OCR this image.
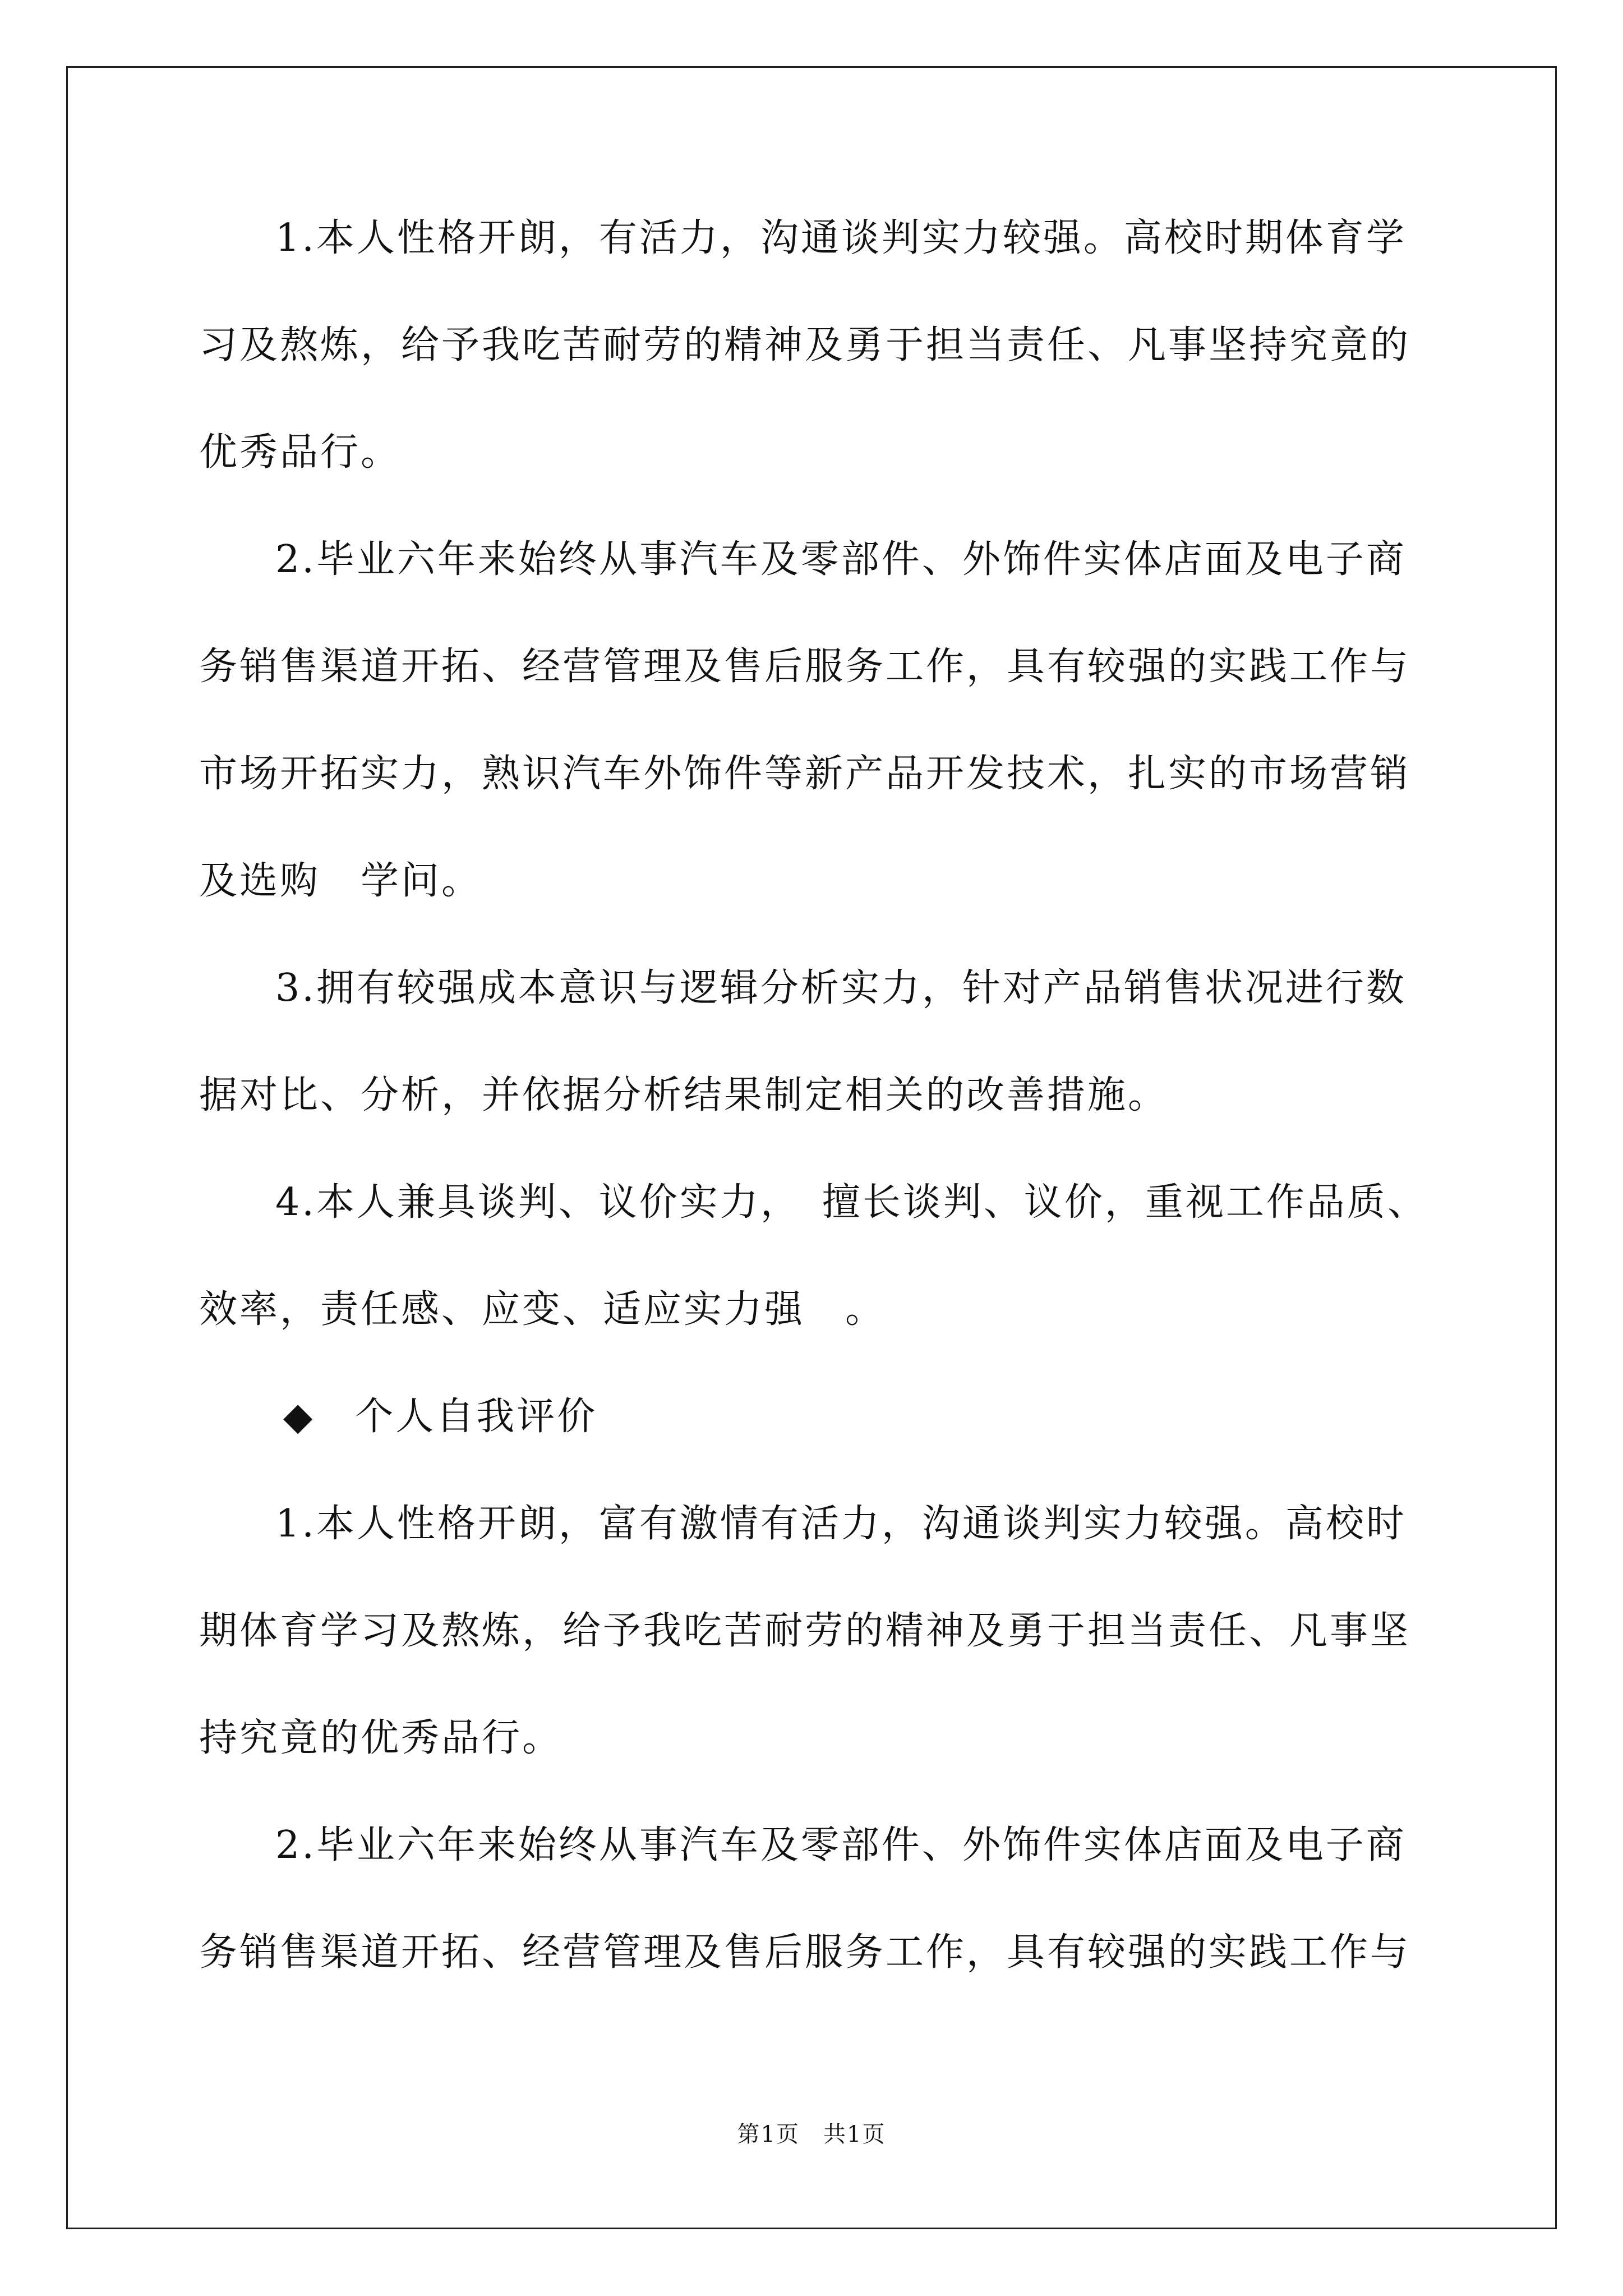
1.本人性格开朗，有活力，沟通谈判实力较强。高校时期体育学
习及熬炼，给予我吃苦耐劳的精神及勇于担当责任、凡事坚持究竟的
优秀品行。
2.毕业六年来始终从事汽车及零部件、外饰件实体店面及电子商
务销售渠道开拓、经营管理及售后服务工作，具有较强的实践工作与
市场开拓实力，熟识汽车外饰件等新产品开发技术，扎实的市场营销
及选购　学问。
3.拥有较强成本意识与逻辑分析实力，针对产品销售状况进行数
据对比、分析，并依据分析结果制定相关的改善措施。
4.本人兼具谈判、议价实力，　擅长谈判、议价，重视工作品质、
效率，责任感、应变、适应实力强　。
◆　个人自我评价
1.本人性格开朗，富有激情有活力，沟通谈判实力较强。高校时
期体育学习及熬炼，给予我吃苦耐劳的精神及勇于担当责任、凡事坚
持究竟的优秀品行。
2.毕业六年来始终从事汽车及零部件、外饰件实体店面及电子商
务销售渠道开拓、经营管理及售后服务工作，具有较强的实践工作与
第1页　共1页
